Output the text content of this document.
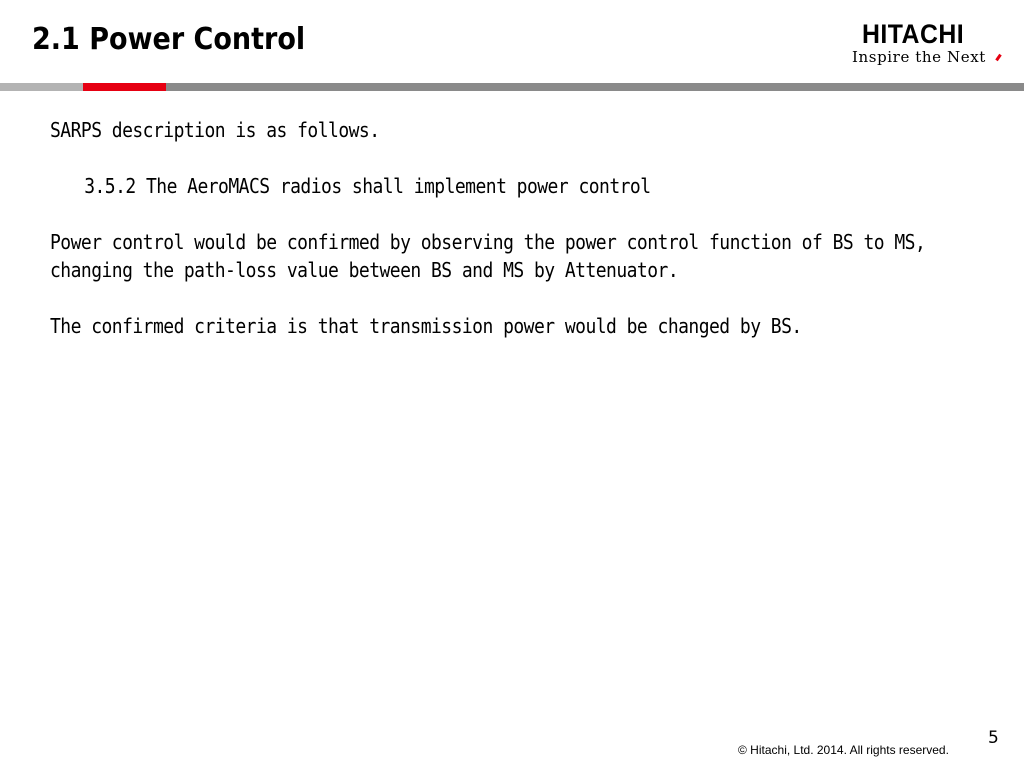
2.1 Power Control	HITACHI
Inspire the Next

SARPS description is as follows.

3.5.2 The AeroMACS radios shall implement power control

Power control would be confirmed by observing the power control function of BS to MS,

changing the path-loss value between BS and MS by Attenuator.

The confirmed criteria is that transmission power would be changed by BS.

5
© Hitachi, Ltd. 2014. All rights reserved.
